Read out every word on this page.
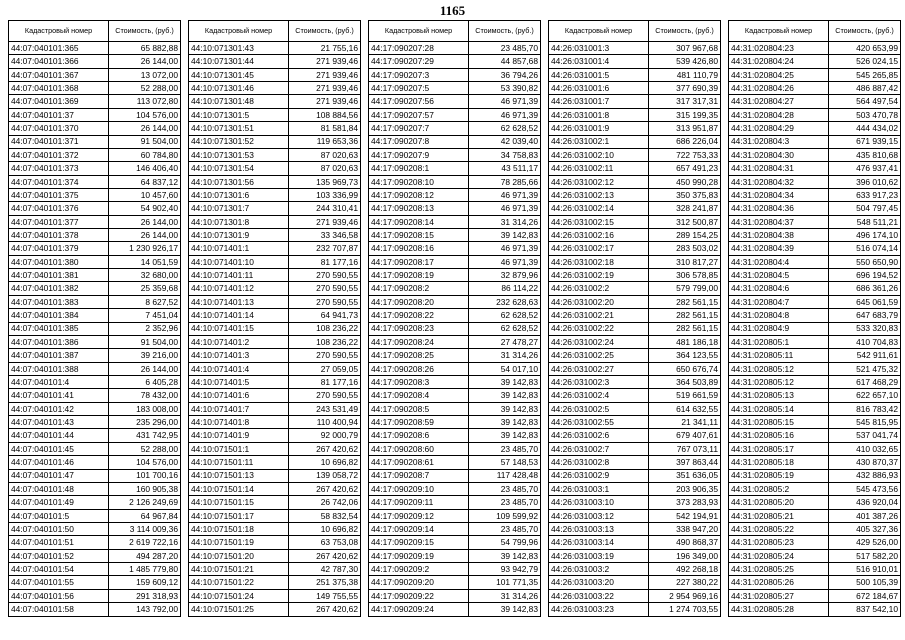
1165
Кадастровый номер	Стоимость, (руб.)
44:07:040101:365	65 882,88
44:07:040101:366	26 144,00
44:07:040101:367	13 072,00
44:07:040101:368	52 288,00
44:07:040101:369	113 072,80
44:07:040101:37	104 576,00
44:07:040101:370	26 144,00
44:07:040101:371	91 504,00
44:07:040101:372	60 784,80
44:07:040101:373	146 406,40
44:07:040101:374	64 837,12
44:07:040101:375	10 457,60
44:07:040101:376	54 902,40
44:07:040101:377	26 144,00
44:07:040101:378	26 144,00
44:07:040101:379	1 230 926,17
44:07:040101:380	14 051,59
44:07:040101:381	32 680,00
44:07:040101:382	25 359,68
44:07:040101:383	8 627,52
44:07:040101:384	7 451,04
44:07:040101:385	2 352,96
44:07:040101:386	91 504,00
44:07:040101:387	39 216,00
44:07:040101:388	26 144,00
44:07:040101:4	6 405,28
44:07:040101:41	78 432,00
44:07:040101:42	183 008,00
44:07:040101:43	235 296,00
44:07:040101:44	431 742,95
44:07:040101:45	52 288,00
44:07:040101:46	104 576,00
44:07:040101:47	101 700,16
44:07:040101:48	160 905,38
44:07:040101:49	2 126 249,69
44:07:040101:5	64 967,84
44:07:040101:50	3 114 009,36
44:07:040101:51	2 619 722,16
44:07:040101:52	494 287,20
44:07:040101:54	1 485 779,80
44:07:040101:55	159 609,12
44:07:040101:56	291 318,93
44:07:040101:58	143 792,00
Кадастровый номер	Стоимость, (руб.)
44:10:071301:43	21 755,16
44:10:071301:44	271 939,46
44:10:071301:45	271 939,46
44:10:071301:46	271 939,46
44:10:071301:48	271 939,46
44:10:071301:5	108 884,56
44:10:071301:51	81 581,84
44:10:071301:52	119 653,36
44:10:071301:53	87 020,63
44:10:071301:54	87 020,63
44:10:071301:56	135 969,73
44:10:071301:6	103 336,99
44:10:071301:7	244 310,41
44:10:071301:8	271 939,46
44:10:071301:9	33 346,58
44:10:071401:1	232 707,87
44:10:071401:10	81 177,16
44:10:071401:11	270 590,55
44:10:071401:12	270 590,55
44:10:071401:13	270 590,55
44:10:071401:14	64 941,73
44:10:071401:15	108 236,22
44:10:071401:2	108 236,22
44:10:071401:3	270 590,55
44:10:071401:4	27 059,05
44:10:071401:5	81 177,16
44:10:071401:6	270 590,55
44:10:071401:7	243 531,49
44:10:071401:8	110 400,94
44:10:071401:9	92 000,79
44:10:071501:1	267 420,62
44:10:071501:11	10 696,82
44:10:071501:13	139 058,72
44:10:071501:14	267 420,62
44:10:071501:15	26 742,06
44:10:071501:17	58 832,54
44:10:071501:18	10 696,82
44:10:071501:19	63 753,08
44:10:071501:20	267 420,62
44:10:071501:21	42 787,30
44:10:071501:22	251 375,38
44:10:071501:24	149 755,55
44:10:071501:25	267 420,62
Кадастровый номер	Стоимость, (руб.)
44:17:090207:28	23 485,70
44:17:090207:29	44 857,68
44:17:090207:3	36 794,26
44:17:090207:5	53 390,82
44:17:090207:56	46 971,39
44:17:090207:57	46 971,39
44:17:090207:7	62 628,52
44:17:090207:8	42 039,40
44:17:090207:9	34 758,83
44:17:090208:1	43 511,17
44:17:090208:10	78 285,66
44:17:090208:12	46 971,39
44:17:090208:13	46 971,39
44:17:090208:14	31 314,26
44:17:090208:15	39 142,83
44:17:090208:16	46 971,39
44:17:090208:17	46 971,39
44:17:090208:19	32 879,96
44:17:090208:2	86 114,22
44:17:090208:20	232 628,63
44:17:090208:22	62 628,52
44:17:090208:23	62 628,52
44:17:090208:24	27 478,27
44:17:090208:25	31 314,26
44:17:090208:26	54 017,10
44:17:090208:3	39 142,83
44:17:090208:4	39 142,83
44:17:090208:5	39 142,83
44:17:090208:59	39 142,83
44:17:090208:6	39 142,83
44:17:090208:60	23 485,70
44:17:090208:61	57 148,53
44:17:090208:7	117 428,48
44:17:090209:10	23 485,70
44:17:090209:11	23 485,70
44:17:090209:12	109 599,92
44:17:090209:14	23 485,70
44:17:090209:15	54 799,96
44:17:090209:19	39 142,83
44:17:090209:2	93 942,79
44:17:090209:20	101 771,35
44:17:090209:22	31 314,26
44:17:090209:24	39 142,83
Кадастровый номер	Стоимость, (руб.)
44:26:031001:3	307 967,68
44:26:031001:4	539 426,80
44:26:031001:5	481 110,79
44:26:031001:6	377 690,39
44:26:031001:7	317 317,31
44:26:031001:8	315 199,35
44:26:031001:9	313 951,87
44:26:031002:1	686 226,04
44:26:031002:10	722 753,33
44:26:031002:11	657 491,23
44:26:031002:12	450 990,28
44:26:031002:13	350 375,83
44:26:031002:14	328 241,87
44:26:031002:15	312 500,87
44:26:031002:16	289 154,25
44:26:031002:17	283 503,02
44:26:031002:18	310 817,27
44:26:031002:19	306 578,85
44:26:031002:2	579 799,00
44:26:031002:20	282 561,15
44:26:031002:21	282 561,15
44:26:031002:22	282 561,15
44:26:031002:24	481 186,18
44:26:031002:25	364 123,55
44:26:031002:27	650 676,74
44:26:031002:3	364 503,89
44:26:031002:4	519 661,59
44:26:031002:5	614 632,55
44:26:031002:55	21 341,11
44:26:031002:6	679 407,61
44:26:031002:7	767 073,11
44:26:031002:8	397 863,44
44:26:031002:9	351 636,05
44:26:031003:1	203 906,35
44:26:031003:10	373 283,93
44:26:031003:12	542 194,91
44:26:031003:13	338 947,20
44:26:031003:14	490 868,37
44:26:031003:19	196 349,00
44:26:031003:2	492 268,18
44:26:031003:20	227 380,22
44:26:031003:22	2 954 969,16
44:26:031003:23	1 274 703,55
Кадастровый номер	Стоимость, (руб.)
44:31:020804:23	420 653,99
44:31:020804:24	526 024,15
44:31:020804:25	545 265,85
44:31:020804:26	486 887,42
44:31:020804:27	564 497,54
44:31:020804:28	503 470,78
44:31:020804:29	444 434,02
44:31:020804:3	671 939,15
44:31:020804:30	435 810,68
44:31:020804:31	476 937,41
44:31:020804:32	396 010,62
44:31:020804:34	633 917,23
44:31:020804:36	504 797,45
44:31:020804:37	548 511,21
44:31:020804:38	496 174,10
44:31:020804:39	516 074,14
44:31:020804:4	550 650,90
44:31:020804:5	696 194,52
44:31:020804:6	686 361,26
44:31:020804:7	645 061,59
44:31:020804:8	647 683,79
44:31:020804:9	533 320,83
44:31:020805:1	410 704,83
44:31:020805:11	542 911,61
44:31:020805:12	521 475,32
44:31:020805:12	617 468,29
44:31:020805:13	622 657,10
44:31:020805:14	816 783,42
44:31:020805:15	545 815,95
44:31:020805:16	537 041,74
44:31:020805:17	410 032,65
44:31:020805:18	430 870,37
44:31:020805:19	432 886,93
44:31:020805:2	545 473,56
44:31:020805:20	436 920,04
44:31:020805:21	401 387,26
44:31:020805:22	405 327,36
44:31:020805:23	429 526,00
44:31:020805:24	517 582,20
44:31:020805:25	516 910,01
44:31:020805:26	500 105,39
44:31:020805:27	672 184,67
44:31:020805:28	837 542,10
